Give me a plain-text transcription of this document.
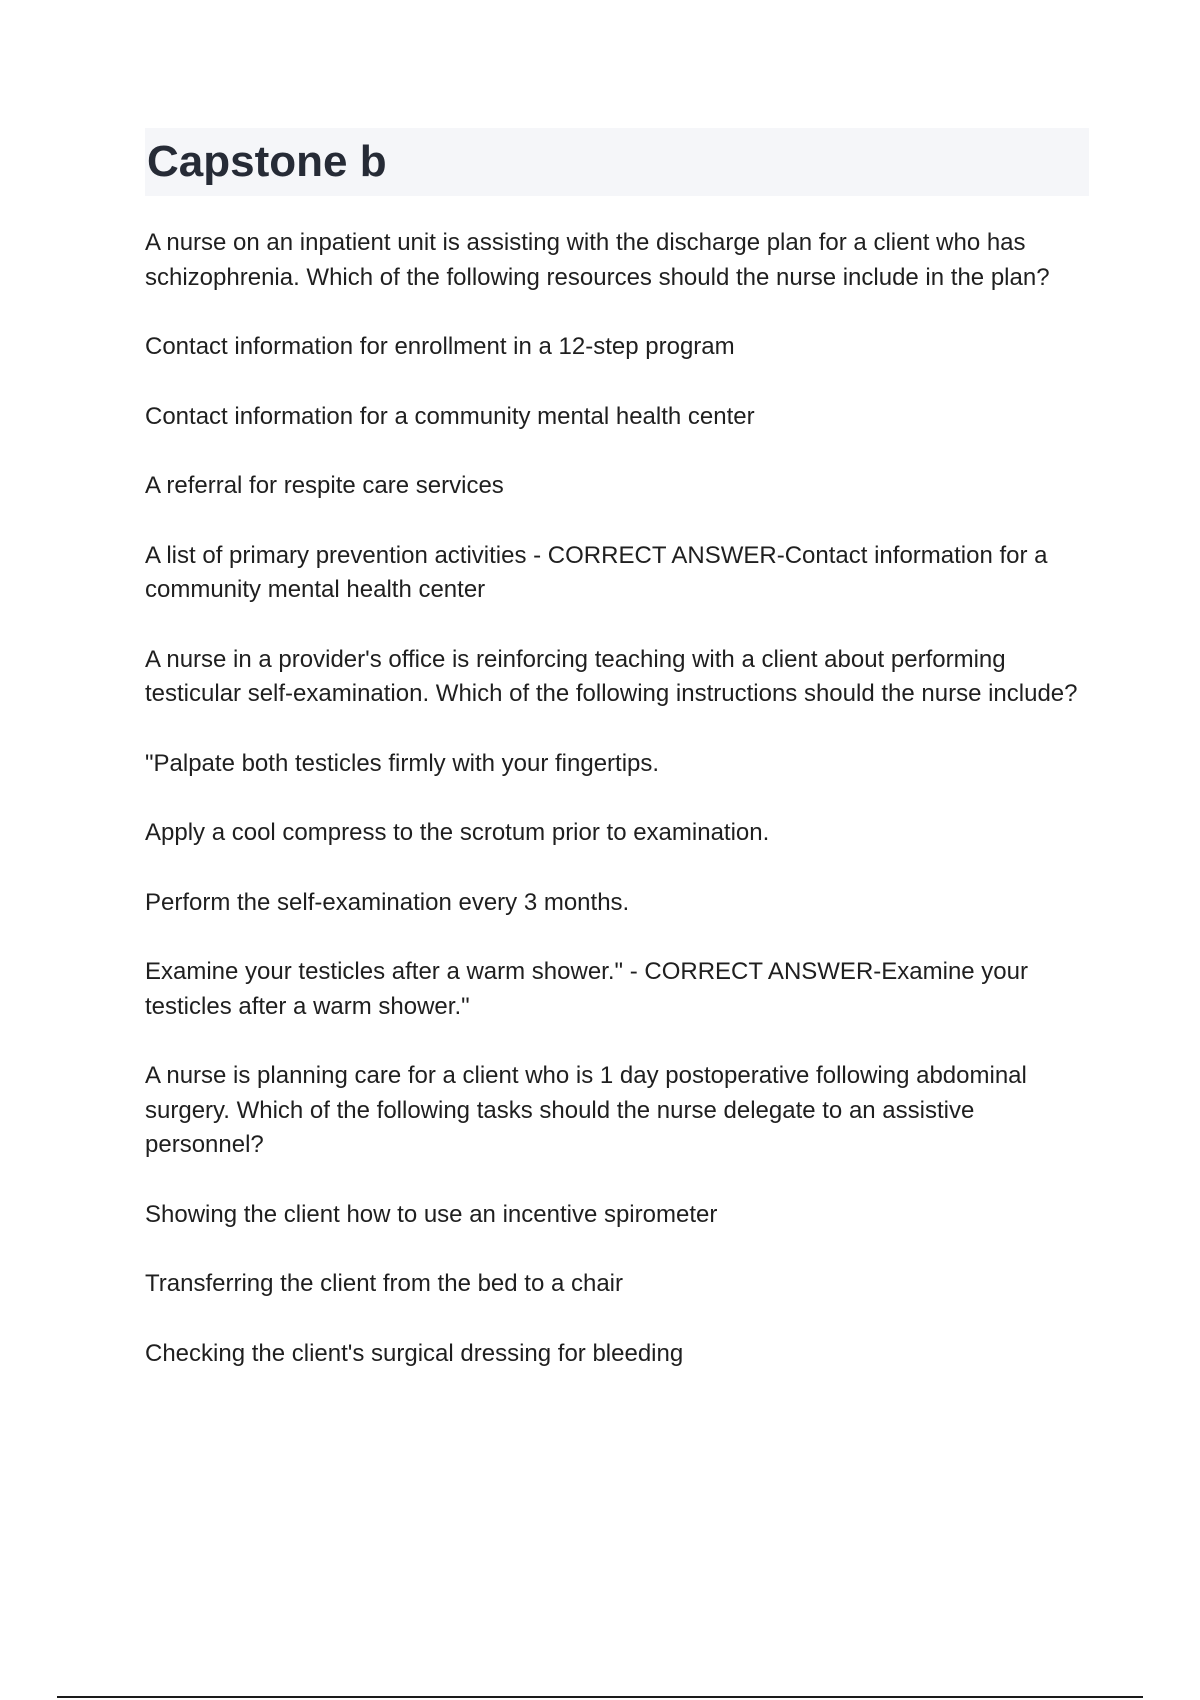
Capstone b

A nurse on an inpatient unit is assisting with the discharge plan for a client who has schizophrenia. Which of the following resources should the nurse include in the plan?

Contact information for enrollment in a 12-step program

Contact information for a community mental health center

A referral for respite care services

A list of primary prevention activities - CORRECT ANSWER-Contact information for a community mental health center

A nurse in a provider's office is reinforcing teaching with a client about performing testicular self-examination. Which of the following instructions should the nurse include?

"Palpate both testicles firmly with your fingertips.

Apply a cool compress to the scrotum prior to examination.

Perform the self-examination every 3 months.

Examine your testicles after a warm shower." - CORRECT ANSWER-Examine your testicles after a warm shower."

A nurse is planning care for a client who is 1 day postoperative following abdominal surgery. Which of the following tasks should the nurse delegate to an assistive personnel?

Showing the client how to use an incentive spirometer

Transferring the client from the bed to a chair

Checking the client's surgical dressing for bleeding
